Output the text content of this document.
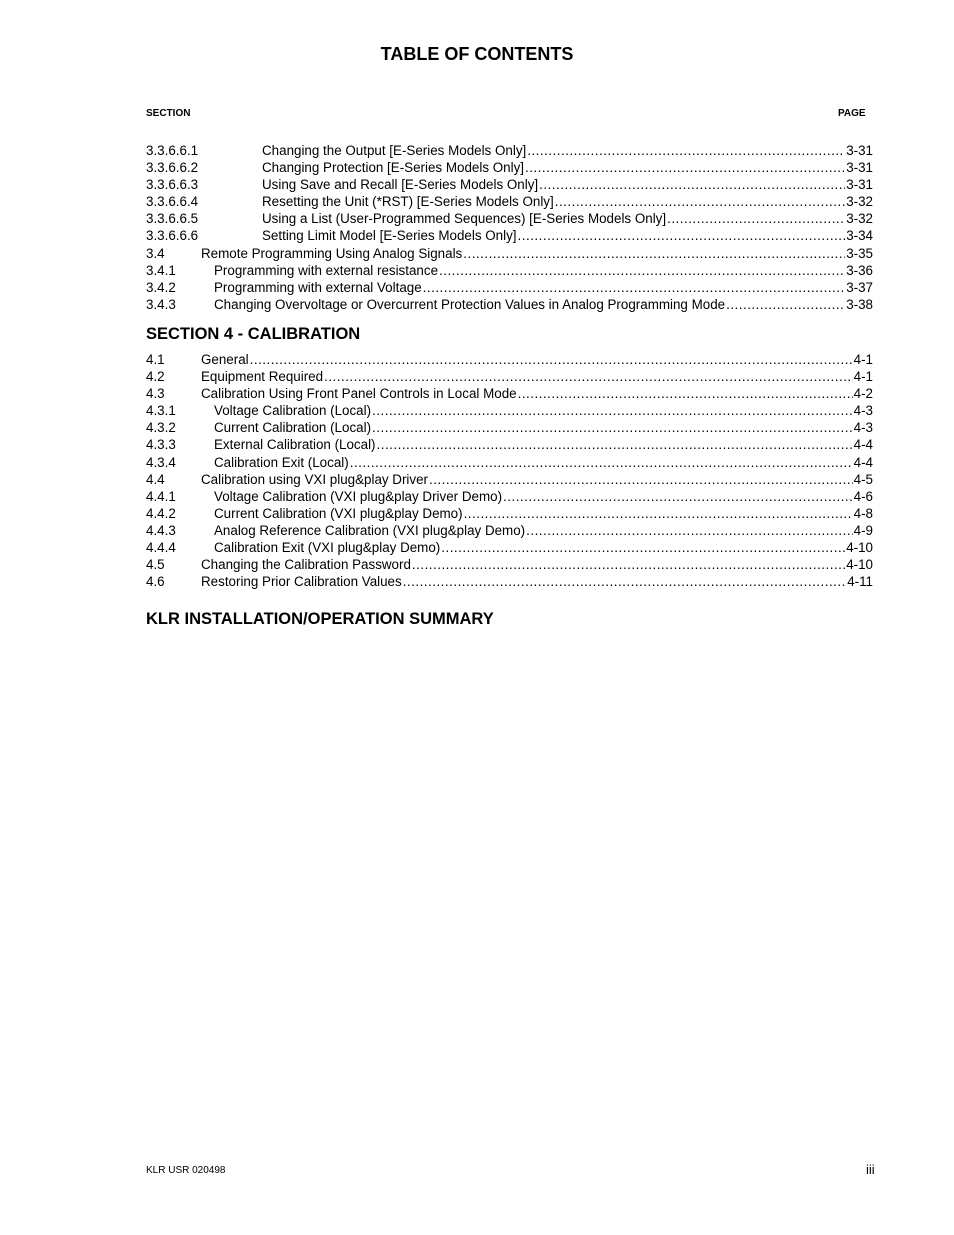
TABLE OF CONTENTS
SECTION	PAGE
3.3.6.6.1	Changing the Output [E-Series Models Only] .....	3-31
3.3.6.6.2	Changing Protection [E-Series Models Only] .....	3-31
3.3.6.6.3	Using Save and Recall [E-Series Models Only] .....	3-31
3.3.6.6.4	Resetting the Unit (*RST) [E-Series Models Only] .....	3-32
3.3.6.6.5	Using a List (User-Programmed Sequences) [E-Series Models Only] .....	3-32
3.3.6.6.6	Setting Limit Model [E-Series Models Only] .....	3-34
3.4	Remote Programming Using Analog Signals .....	3-35
3.4.1	Programming with external resistance .....	3-36
3.4.2	Programming with external Voltage .....	3-37
3.4.3	Changing Overvoltage or Overcurrent Protection Values in Analog Programming Mode .....	3-38
SECTION 4 - CALIBRATION
4.1	General .....	4-1
4.2	Equipment Required .....	4-1
4.3	Calibration Using Front Panel Controls in Local Mode .....	4-2
4.3.1	Voltage Calibration (Local) .....	4-3
4.3.2	Current Calibration (Local) .....	4-3
4.3.3	External Calibration (Local) .....	4-4
4.3.4	Calibration Exit (Local) .....	4-4
4.4	Calibration using VXI plug&play Driver .....	4-5
4.4.1	Voltage Calibration (VXI plug&play Driver Demo) .....	4-6
4.4.2	Current Calibration (VXI plug&play Demo) .....	4-8
4.4.3	Analog Reference Calibration (VXI plug&play Demo) .....	4-9
4.4.4	Calibration Exit (VXI plug&play Demo) .....	4-10
4.5	Changing the Calibration Password .....	4-10
4.6	Restoring Prior Calibration Values .....	4-11
KLR INSTALLATION/OPERATION SUMMARY
KLR USR 020498	iii
